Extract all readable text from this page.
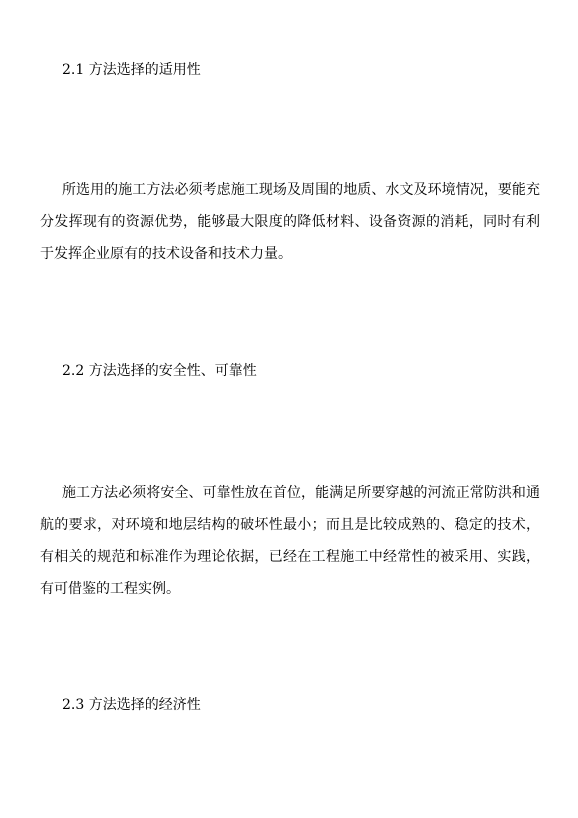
2.1 方法选择的适用性

所选用的施工方法必须考虑施工现场及周围的地质、水文及环境情况，要能充分发挥现有的资源优势，能够最大限度的降低材料、设备资源的消耗，同时有利于发挥企业原有的技术设备和技术力量。

2.2 方法选择的安全性、可靠性

施工方法必须将安全、可靠性放在首位，能满足所要穿越的河流正常防洪和通航的要求，对环境和地层结构的破坏性最小；而且是比较成熟的、稳定的技术，有相关的规范和标准作为理论依据，已经在工程施工中经常性的被采用、实践，有可借鉴的工程实例。

2.3 方法选择的经济性
